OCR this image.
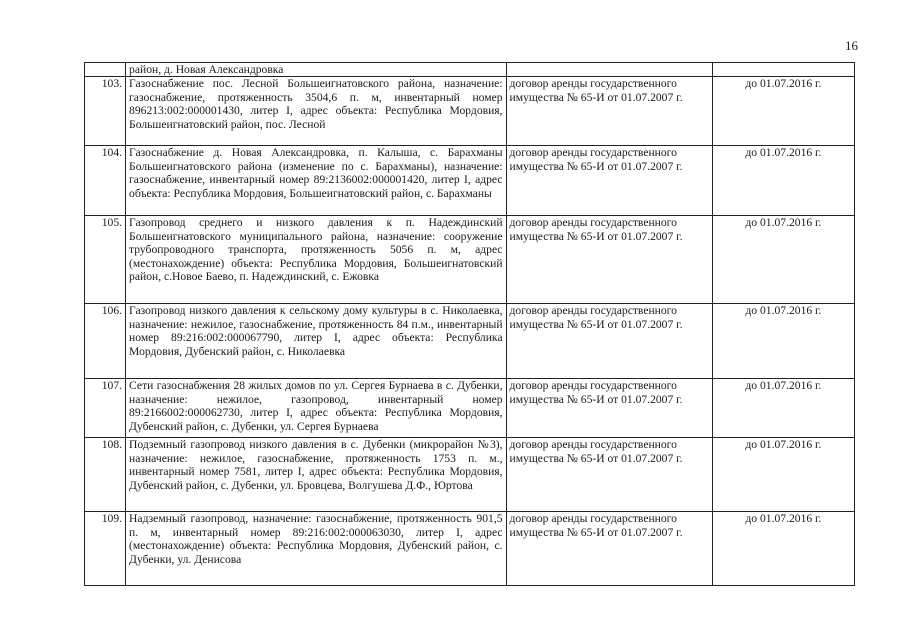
16
	район, д. Новая Александровка		
103.	Газоснабжение пос. Лесной Большеигнатовского района, назначение: газоснабжение, протяженность 3504,6 п. м, инвентарный номер 896213:002:000001430, литер I, адрес объекта: Республика Мордовия, Большеигнатовский район, пос. Лесной	договор аренды государственного имущества № 65-И от 01.07.2007 г.	до 01.07.2016 г.
104.	Газоснабжение д. Новая Александровка, п. Калыша, с. Барахманы Большеигнатовского района (изменение по с. Барахманы), назначение: газоснабжение, инвентарный номер 89:2136002:000001420, литер I, адрес объекта: Республика Мордовия, Большеигнатовский район, с. Барахманы	договор аренды государственного имущества № 65-И от 01.07.2007 г.	до 01.07.2016 г.
105.	Газопровод среднего и низкого давления к п. Надеждинский Большеигнатовского муниципального района, назначение: сооружение трубопроводного транспорта, протяженность 5056 п. м, адрес (местонахождение) объекта: Республика Мордовия, Большеигнатовский район, с.Новое Баево, п. Надеждинский, с. Ежовка	договор аренды государственного имущества № 65-И от 01.07.2007 г.	до 01.07.2016 г.
106.	Газопровод низкого давления к сельскому дому культуры в с. Николаевка, назначение: нежилое, газоснабжение, протяженность 84 п.м., инвентарный номер 89:216:002:000067790, литер I, адрес объекта: Республика Мордовия, Дубенский район, с. Николаевка	договор аренды государственного имущества № 65-И от 01.07.2007 г.	до 01.07.2016 г.
107.	Сети газоснабжения 28 жилых домов по ул. Сергея Бурнаева в с. Дубенки, назначение: нежилое, газопровод, инвентарный номер 89:2166002:000062730, литер I, адрес объекта: Республика Мордовия, Дубенский район, с. Дубенки, ул. Сергея Бурнаева	договор аренды государственного имущества № 65-И от 01.07.2007 г.	до 01.07.2016 г.
108.	Подземный газопровод низкого давления в с. Дубенки (микрорайон №3), назначение: нежилое, газоснабжение, протяженность 1753 п. м., инвентарный номер 7581, литер I, адрес объекта: Республика Мордовия, Дубенский район, с. Дубенки, ул. Бровцева, Волгушева Д.Ф., Юртова	договор аренды государственного имущества № 65-И от 01.07.2007 г.	до 01.07.2016 г.
109.	Надземный газопровод, назначение: газоснабжение, протяженность 901,5 п. м, инвентарный номер 89:216:002:000063030, литер I, адрес (местонахождение) объекта: Республика Мордовия, Дубенский район, с. Дубенки, ул. Денисова	договор аренды государственного имущества № 65-И от 01.07.2007 г.	до 01.07.2016 г.
